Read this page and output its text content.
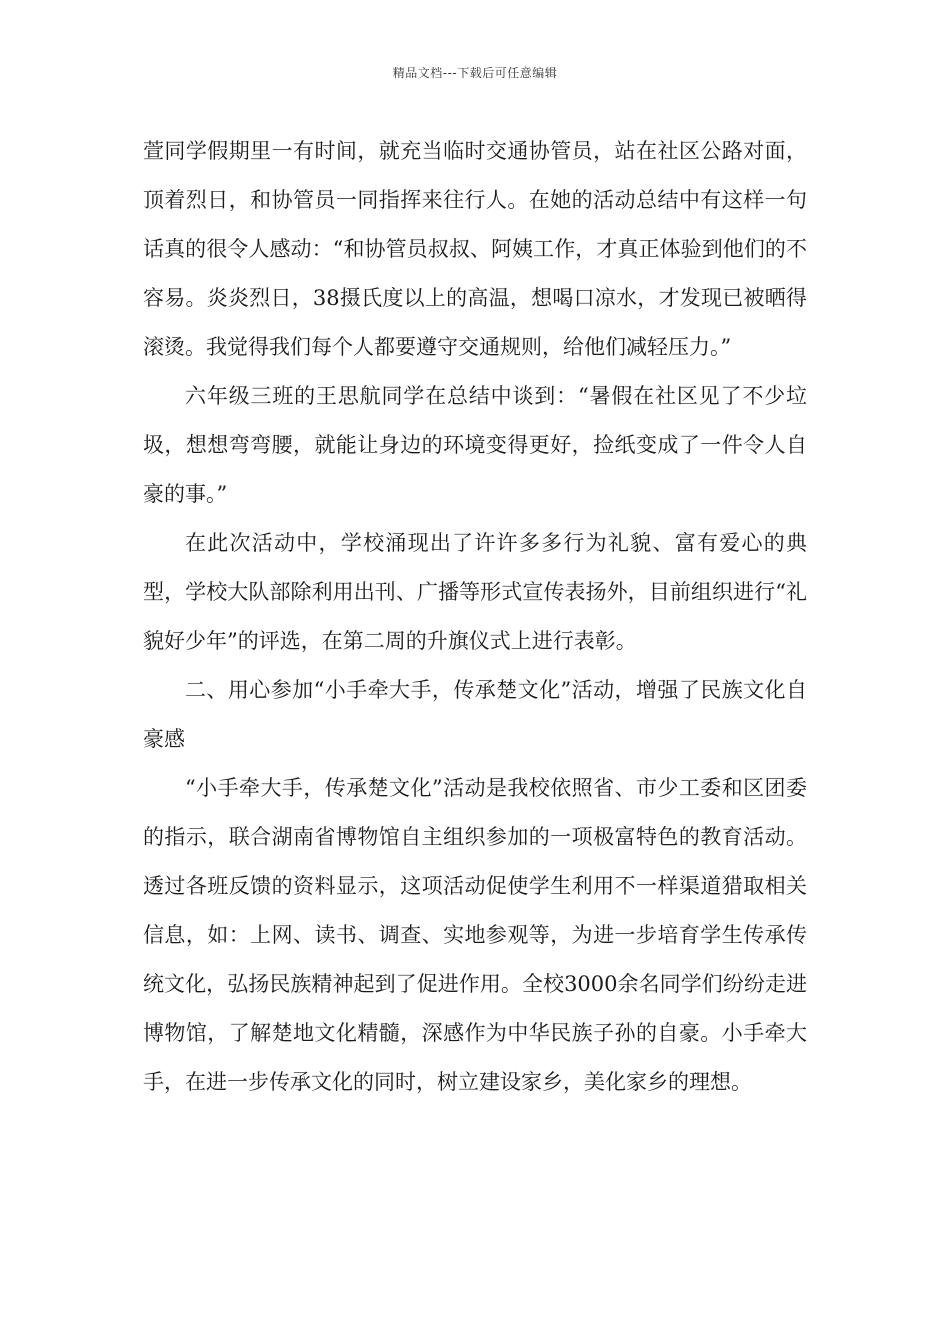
精品文档---下载后可任意编辑

萱同学假期里一有时间，就充当临时交通协管员，站在社区公路对面，顶着烈日，和协管员一同指挥来往行人。在她的活动总结中有这样一句话真的很令人感动：“和协管员叔叔、阿姨工作，才真正体验到他们的不容易。炎炎烈日，38摄氏度以上的高温，想喝口凉水，才发现已被晒得滚烫。我觉得我们每个人都要遵守交通规则，给他们减轻压力。”

六年级三班的王思航同学在总结中谈到：“暑假在社区见了不少垃圾，想想弯弯腰，就能让身边的环境变得更好，捡纸变成了一件令人自豪的事。”

在此次活动中，学校涌现出了许许多多行为礼貌、富有爱心的典型，学校大队部除利用出刊、广播等形式宣传表扬外，目前组织进行“礼貌好少年”的评选，在第二周的升旗仪式上进行表彰。

二、用心参加“小手牵大手，传承楚文化”活动，增强了民族文化自豪感

“小手牵大手，传承楚文化”活动是我校依照省、市少工委和区团委的指示，联合湖南省博物馆自主组织参加的一项极富特色的教育活动。透过各班反馈的资料显示，这项活动促使学生利用不一样渠道猎取相关信息，如：上网、读书、调查、实地参观等，为进一步培育学生传承传统文化，弘扬民族精神起到了促进作用。全校3000余名同学们纷纷走进博物馆，了解楚地文化精髓，深感作为中华民族子孙的自豪。小手牵大手，在进一步传承文化的同时，树立建设家乡，美化家乡的理想。
